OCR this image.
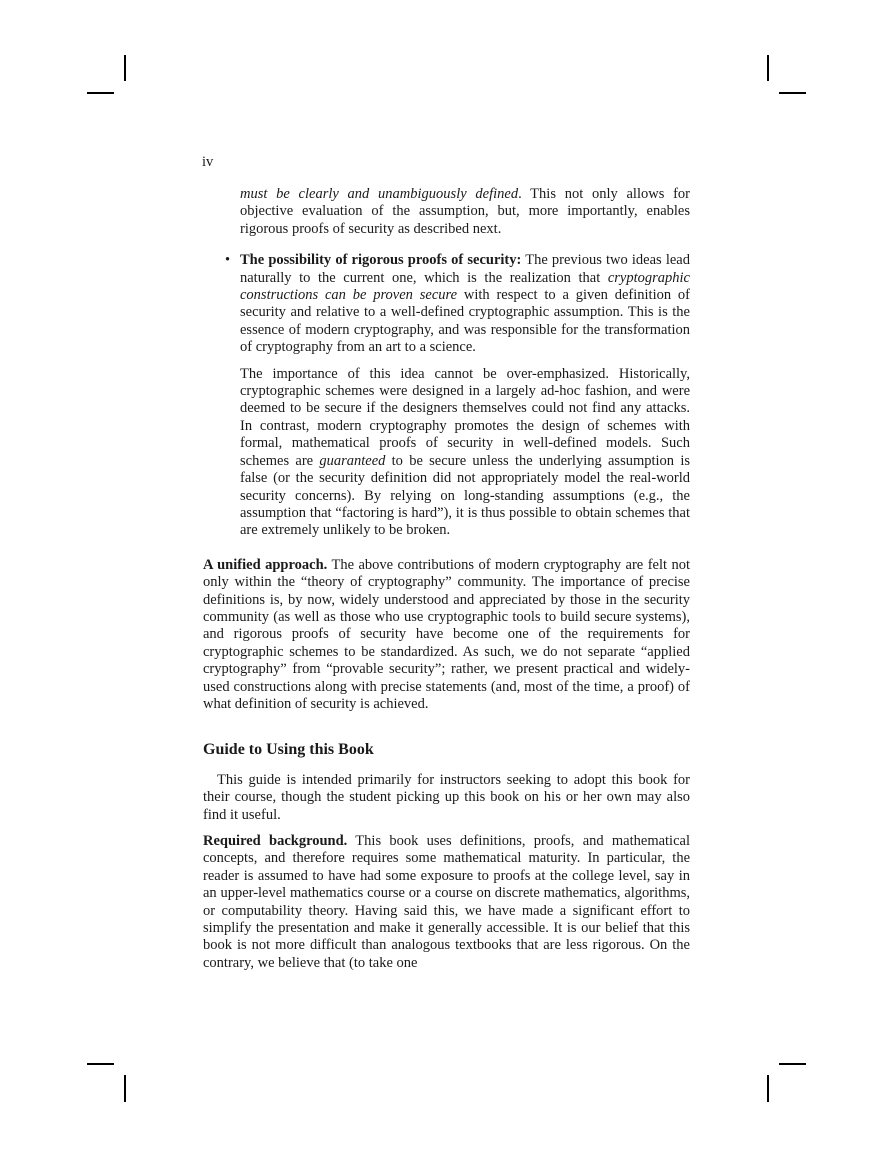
iv

must be clearly and unambiguously defined. This not only allows for objective evaluation of the assumption, but, more importantly, enables rigorous proofs of security as described next.

• The possibility of rigorous proofs of security: The previous two ideas lead naturally to the current one, which is the realization that cryptographic constructions can be proven secure with respect to a given definition of security and relative to a well-defined cryptographic assumption. This is the essence of modern cryptography, and was responsible for the transformation of cryptography from an art to a science.

The importance of this idea cannot be over-emphasized. Historically, cryptographic schemes were designed in a largely ad-hoc fashion, and were deemed to be secure if the designers themselves could not find any attacks. In contrast, modern cryptography promotes the design of schemes with formal, mathematical proofs of security in well-defined models. Such schemes are guaranteed to be secure unless the underlying assumption is false (or the security definition did not appropriately model the real-world security concerns). By relying on long-standing assumptions (e.g., the assumption that “factoring is hard”), it is thus possible to obtain schemes that are extremely unlikely to be broken.

A unified approach. The above contributions of modern cryptography are felt not only within the “theory of cryptography” community. The importance of precise definitions is, by now, widely understood and appreciated by those in the security community (as well as those who use cryptographic tools to build secure systems), and rigorous proofs of security have become one of the requirements for cryptographic schemes to be standardized. As such, we do not separate “applied cryptography” from “provable security”; rather, we present practical and widely-used constructions along with precise statements (and, most of the time, a proof) of what definition of security is achieved.

Guide to Using this Book

This guide is intended primarily for instructors seeking to adopt this book for their course, though the student picking up this book on his or her own may also find it useful.

Required background. This book uses definitions, proofs, and mathematical concepts, and therefore requires some mathematical maturity. In particular, the reader is assumed to have had some exposure to proofs at the college level, say in an upper-level mathematics course or a course on discrete mathematics, algorithms, or computability theory. Having said this, we have made a significant effort to simplify the presentation and make it generally accessible. It is our belief that this book is not more difficult than analogous textbooks that are less rigorous. On the contrary, we believe that (to take one
